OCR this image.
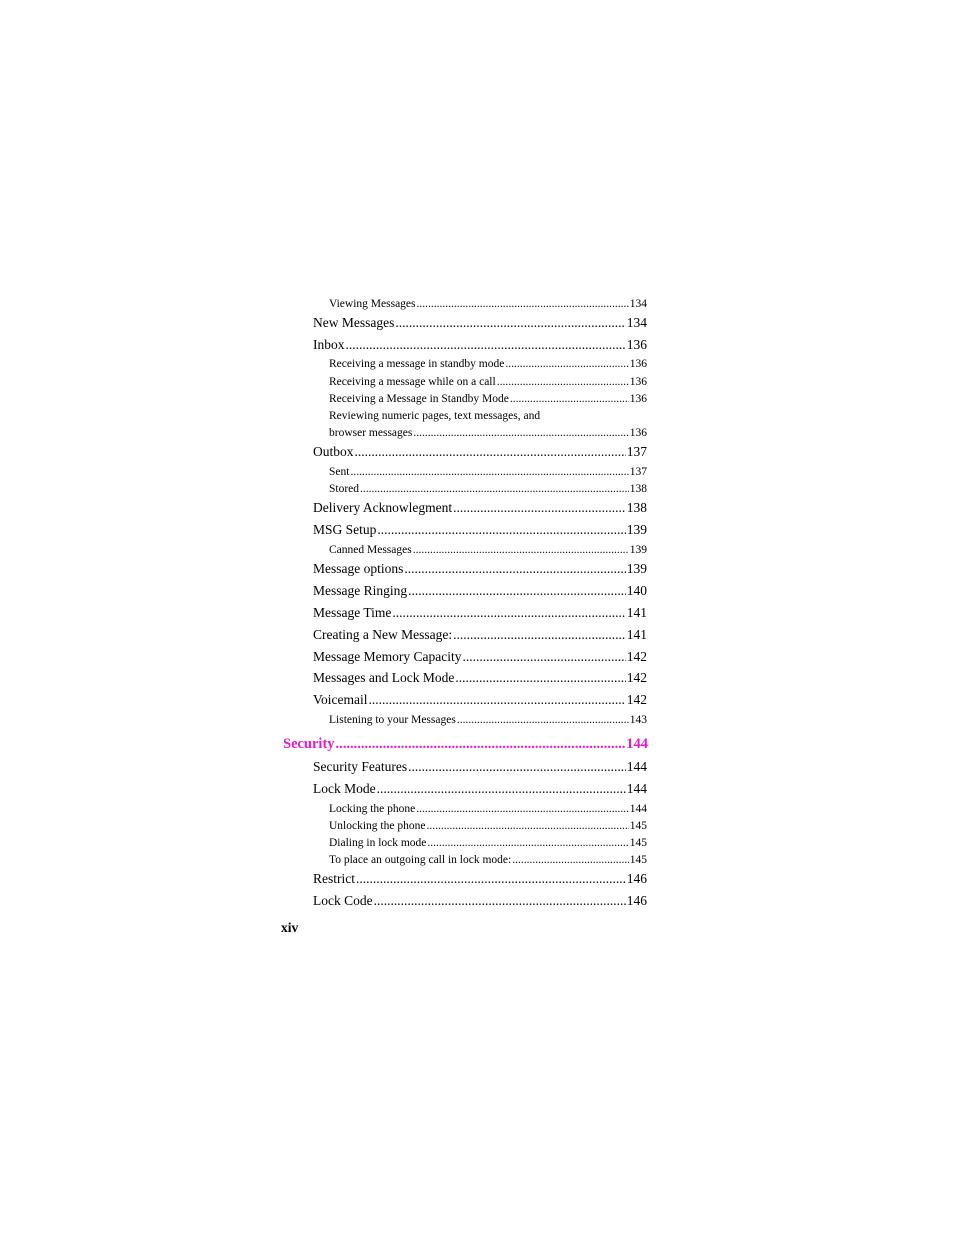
Viewing Messages .....	134
New Messages .....	134
Inbox .....	136
Receiving a message in standby mode .....	136
Receiving a message while on a call .....	136
Receiving a Message in Standby Mode .....	136
Reviewing numeric pages, text messages, and
browser messages .....	136
Outbox .....	137
Sent .....	137
Stored .....	138
Delivery Acknowlegment .....	138
MSG Setup .....	139
Canned Messages .....	139
Message options .....	139
Message Ringing .....	140
Message Time .....	141
Creating a New Message: .....	141
Message Memory Capacity .....	142
Messages and Lock Mode .....	142
Voicemail .....	142
Listening to your Messages .....	143
Security .....	144
Security Features .....	144
Lock Mode .....	144
Locking the phone .....	144
Unlocking the phone .....	145
Dialing in lock mode .....	145
To place an outgoing call in lock mode: .....	145
Restrict .....	146
Lock Code .....	146
xiv
